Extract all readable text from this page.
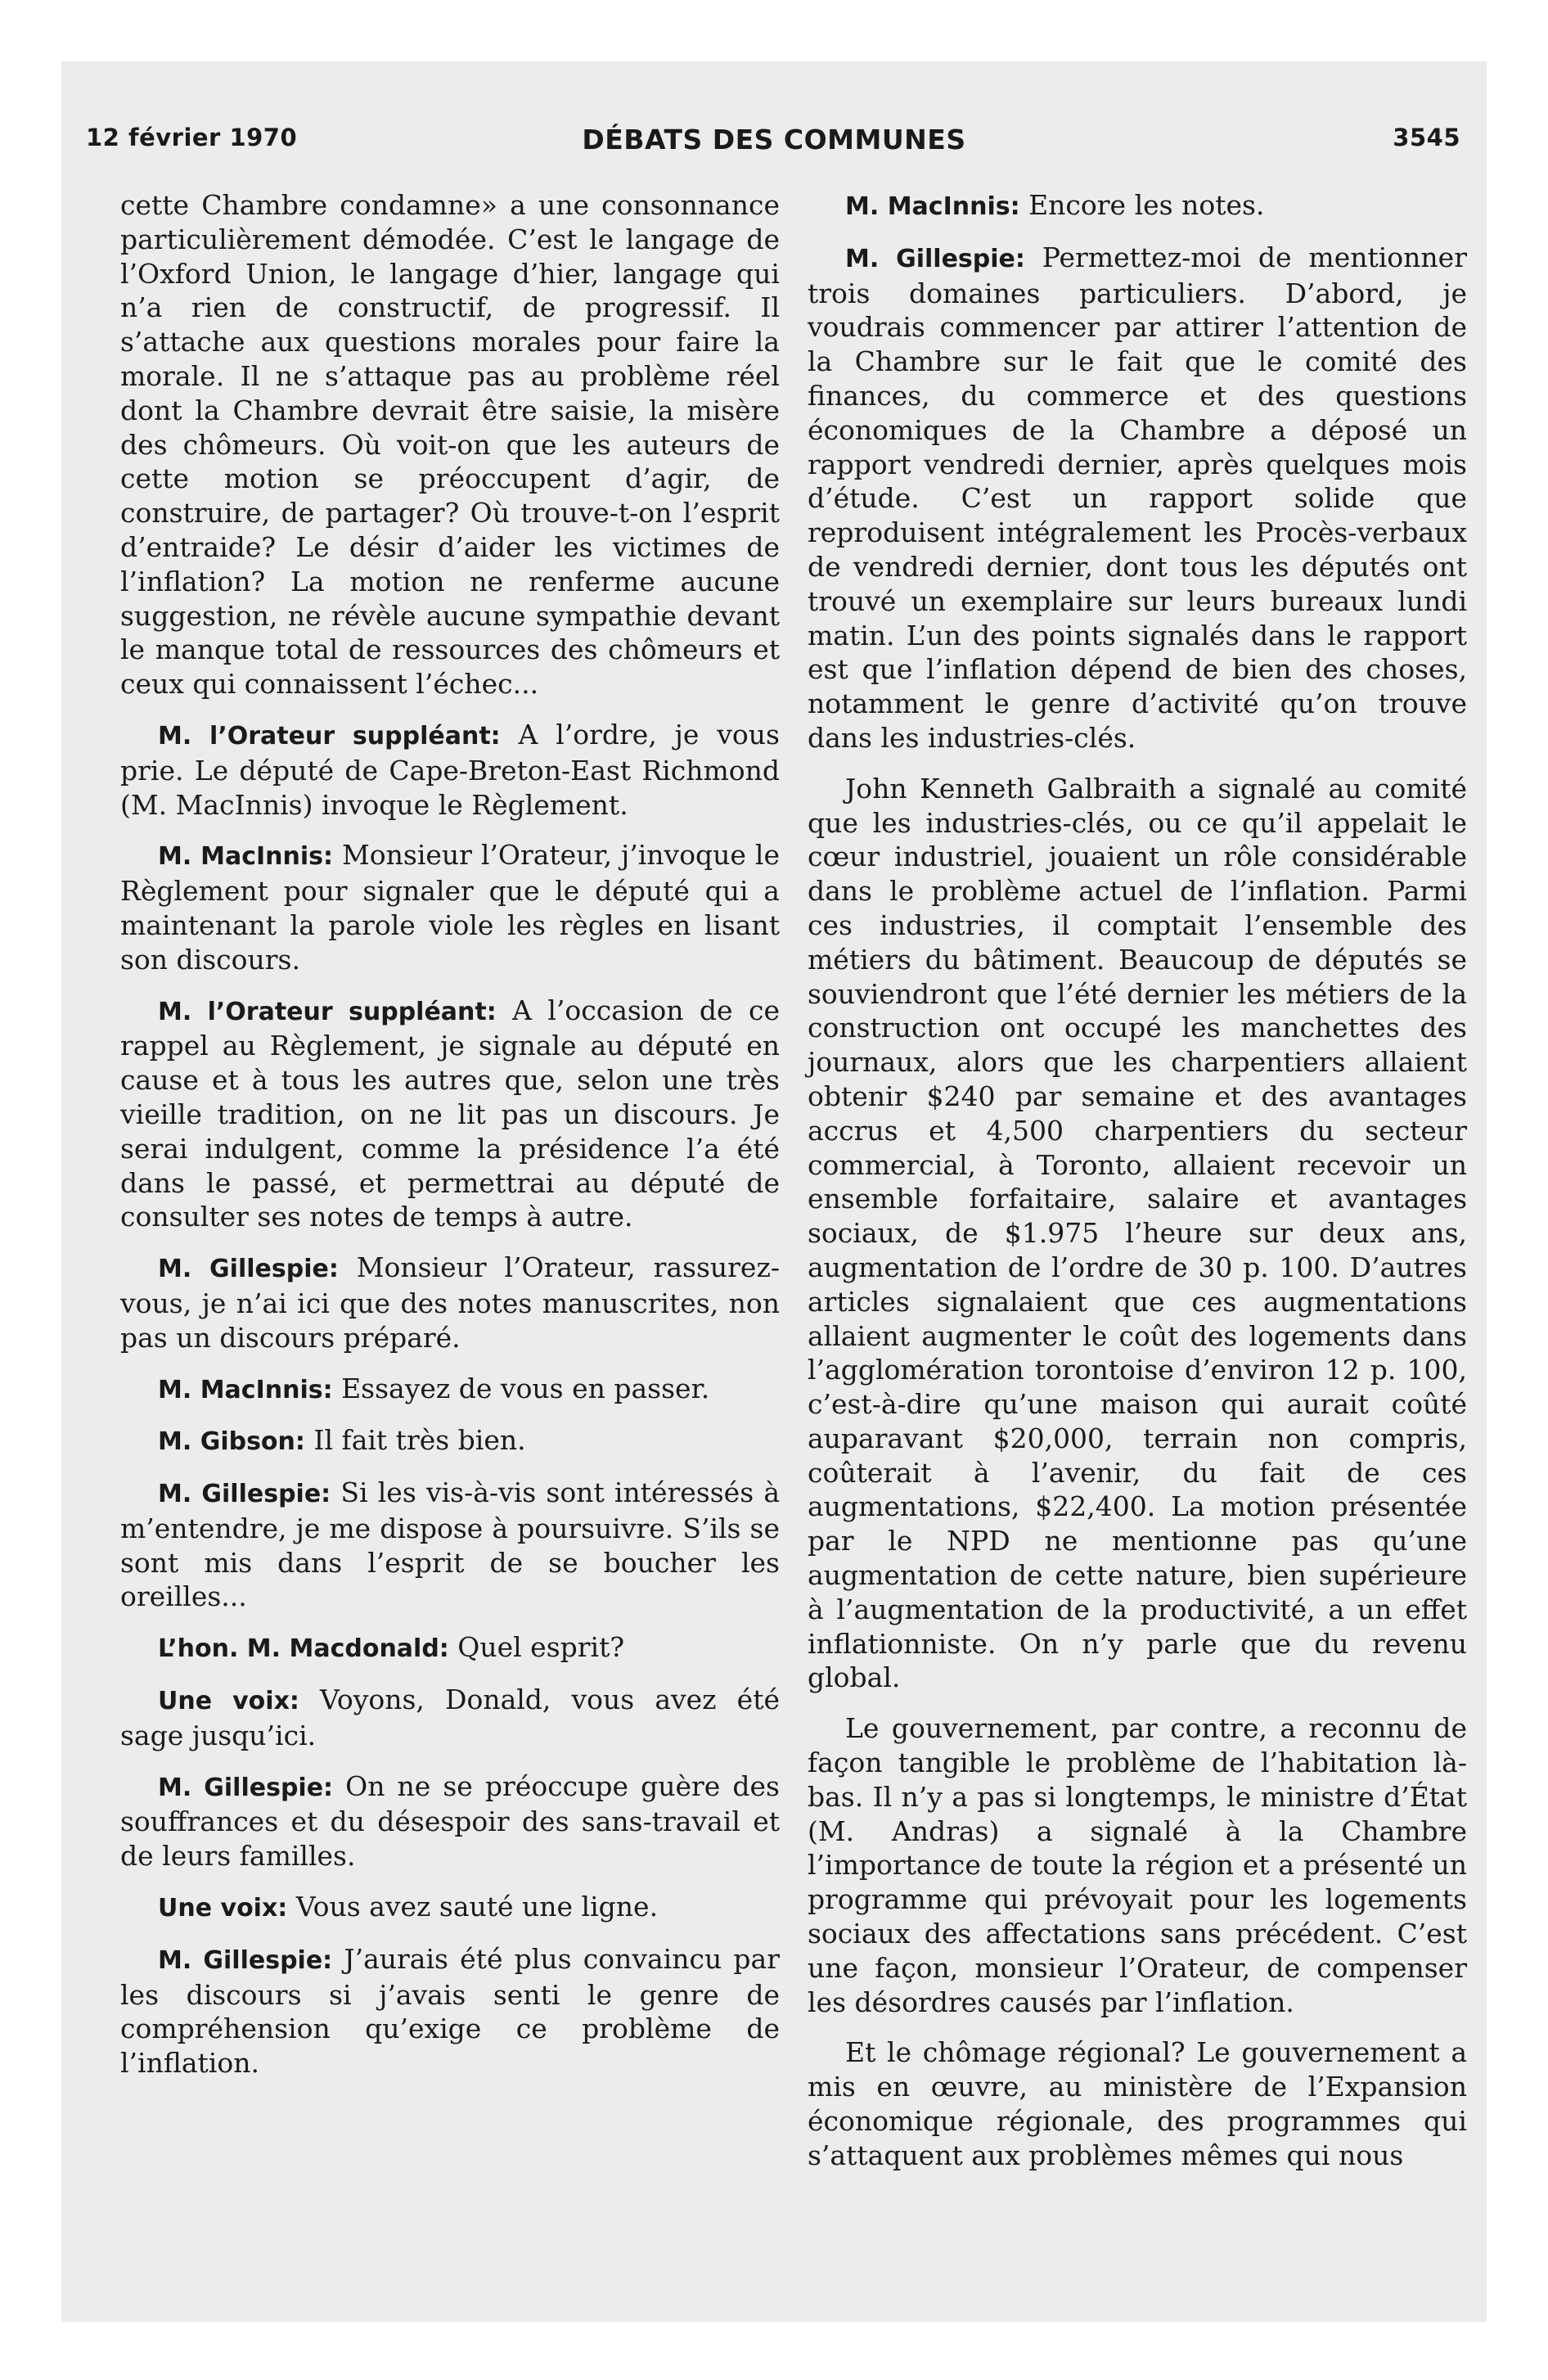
12 février 1970	DÉBATS DES COMMUNES	3545

cette Chambre condamne» a une consonnance particulièrement démodée. C’est le langage de l’Oxford Union, le langage d’hier, langage qui n’a rien de constructif, de progressif. Il s’attache aux questions morales pour faire la morale. Il ne s’attaque pas au problème réel dont la Chambre devrait être saisie, la misère des chômeurs. Où voit-on que les auteurs de cette motion se préoccupent d’agir, de construire, de partager? Où trouve-t-on l’esprit d’entraide? Le désir d’aider les victimes de l’inflation? La motion ne renferme aucune suggestion, ne révèle aucune sympathie devant le manque total de ressources des chômeurs et ceux qui connaissent l’échec...

M. l’Orateur suppléant: A l’ordre, je vous prie. Le député de Cape-Breton-East Richmond (M. MacInnis) invoque le Règlement.

M. MacInnis: Monsieur l’Orateur, j’invoque le Règlement pour signaler que le député qui a maintenant la parole viole les règles en lisant son discours.

M. l’Orateur suppléant: A l’occasion de ce rappel au Règlement, je signale au député en cause et à tous les autres que, selon une très vieille tradition, on ne lit pas un discours. Je serai indulgent, comme la présidence l’a été dans le passé, et permettrai au député de consulter ses notes de temps à autre.

M. Gillespie: Monsieur l’Orateur, rassurez-vous, je n’ai ici que des notes manuscrites, non pas un discours préparé.

M. MacInnis: Essayez de vous en passer.

M. Gibson: Il fait très bien.

M. Gillespie: Si les vis-à-vis sont intéressés à m’entendre, je me dispose à poursuivre. S’ils se sont mis dans l’esprit de se boucher les oreilles...

L’hon. M. Macdonald: Quel esprit?

Une voix: Voyons, Donald, vous avez été sage jusqu’ici.

M. Gillespie: On ne se préoccupe guère des souffrances et du désespoir des sans-travail et de leurs familles.

Une voix: Vous avez sauté une ligne.

M. Gillespie: J’aurais été plus convaincu par les discours si j’avais senti le genre de compréhension qu’exige ce problème de l’inflation.

M. MacInnis: Encore les notes.

M. Gillespie: Permettez-moi de mentionner trois domaines particuliers. D’abord, je voudrais commencer par attirer l’attention de la Chambre sur le fait que le comité des finances, du commerce et des questions économiques de la Chambre a déposé un rapport vendredi dernier, après quelques mois d’étude. C’est un rapport solide que reproduisent intégralement les Procès-verbaux de vendredi dernier, dont tous les députés ont trouvé un exemplaire sur leurs bureaux lundi matin. L’un des points signalés dans le rapport est que l’inflation dépend de bien des choses, notamment le genre d’activité qu’on trouve dans les industries-clés.

John Kenneth Galbraith a signalé au comité que les industries-clés, ou ce qu’il appelait le cœur industriel, jouaient un rôle considérable dans le problème actuel de l’inflation. Parmi ces industries, il comptait l’ensemble des métiers du bâtiment. Beaucoup de députés se souviendront que l’été dernier les métiers de la construction ont occupé les manchettes des journaux, alors que les charpentiers allaient obtenir $240 par semaine et des avantages accrus et 4,500 charpentiers du secteur commercial, à Toronto, allaient recevoir un ensemble forfaitaire, salaire et avantages sociaux, de $1.975 l’heure sur deux ans, augmentation de l’ordre de 30 p. 100. D’autres articles signalaient que ces augmentations allaient augmenter le coût des logements dans l’agglomération torontoise d’environ 12 p. 100, c’est-à-dire qu’une maison qui aurait coûté auparavant $20,000, terrain non compris, coûterait à l’avenir, du fait de ces augmentations, $22,400. La motion présentée par le NPD ne mentionne pas qu’une augmentation de cette nature, bien supérieure à l’augmentation de la productivité, a un effet inflationniste. On n’y parle que du revenu global.

Le gouvernement, par contre, a reconnu de façon tangible le problème de l’habitation là-bas. Il n’y a pas si longtemps, le ministre d’État (M. Andras) a signalé à la Chambre l’importance de toute la région et a présenté un programme qui prévoyait pour les logements sociaux des affectations sans précédent. C’est une façon, monsieur l’Orateur, de compenser les désordres causés par l’inflation.

Et le chômage régional? Le gouvernement a mis en œuvre, au ministère de l’Expansion économique régionale, des programmes qui s’attaquent aux problèmes mêmes qui nous
